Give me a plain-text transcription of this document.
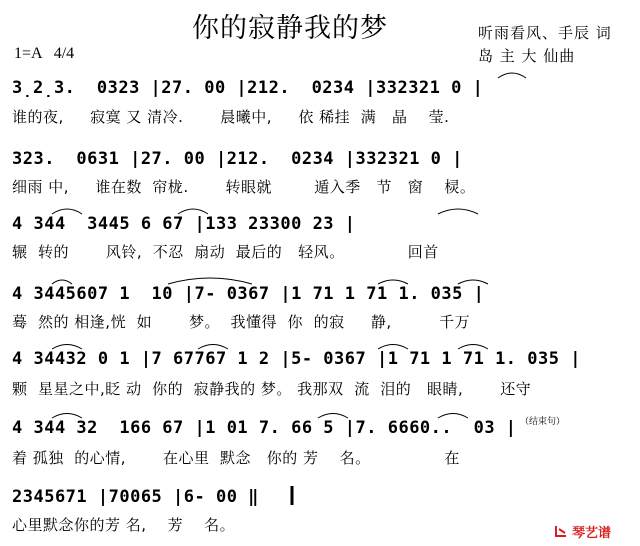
你的寂静我的梦	听雨看风、手辰 词
岛 主 大 仙曲
1=A   4/4
3̣2̣3.  0323 |27. 00 |212.  0234 |332321 0 |
谁的夜,     寂寞 又 清冷.       晨曦中,     依 稀挂  满   晶    莹.
323.  0631 |27. 00 |212.  0234 |332321 0 |
细雨 中,     谁在数  帘栊.       转眼就        遁入季   节   窗    棂。
4 344  3445 6 67 |133 23300 23 |
辗  转的       风铃,  不忍  扇动  最后的   轻风。            回首
4 3445607 1  10 |7- 0367 |1 71 1 71 1. 035 |
蓦  然的 相逢,恍  如       梦。  我懂得  你  的寂     静,         千万
4 34432 0 1 |7 67767 1 2 |5- 0367 |1 71 1 71 1. 035 |
颗  星星之中,眨 动  你的  寂静我的 梦。 我那双  流  泪的   眼睛,       还守
4 344 32  166 67 |1 01 7. 66 5 |7. 6660..  03 | （结束句）
着 孤独  的心情,       在心里  默念   你的 芳    名。              在
2345671 |70065 |6- 00 ‖
心里默念你的芳 名,    芳    名。	琴艺谱
